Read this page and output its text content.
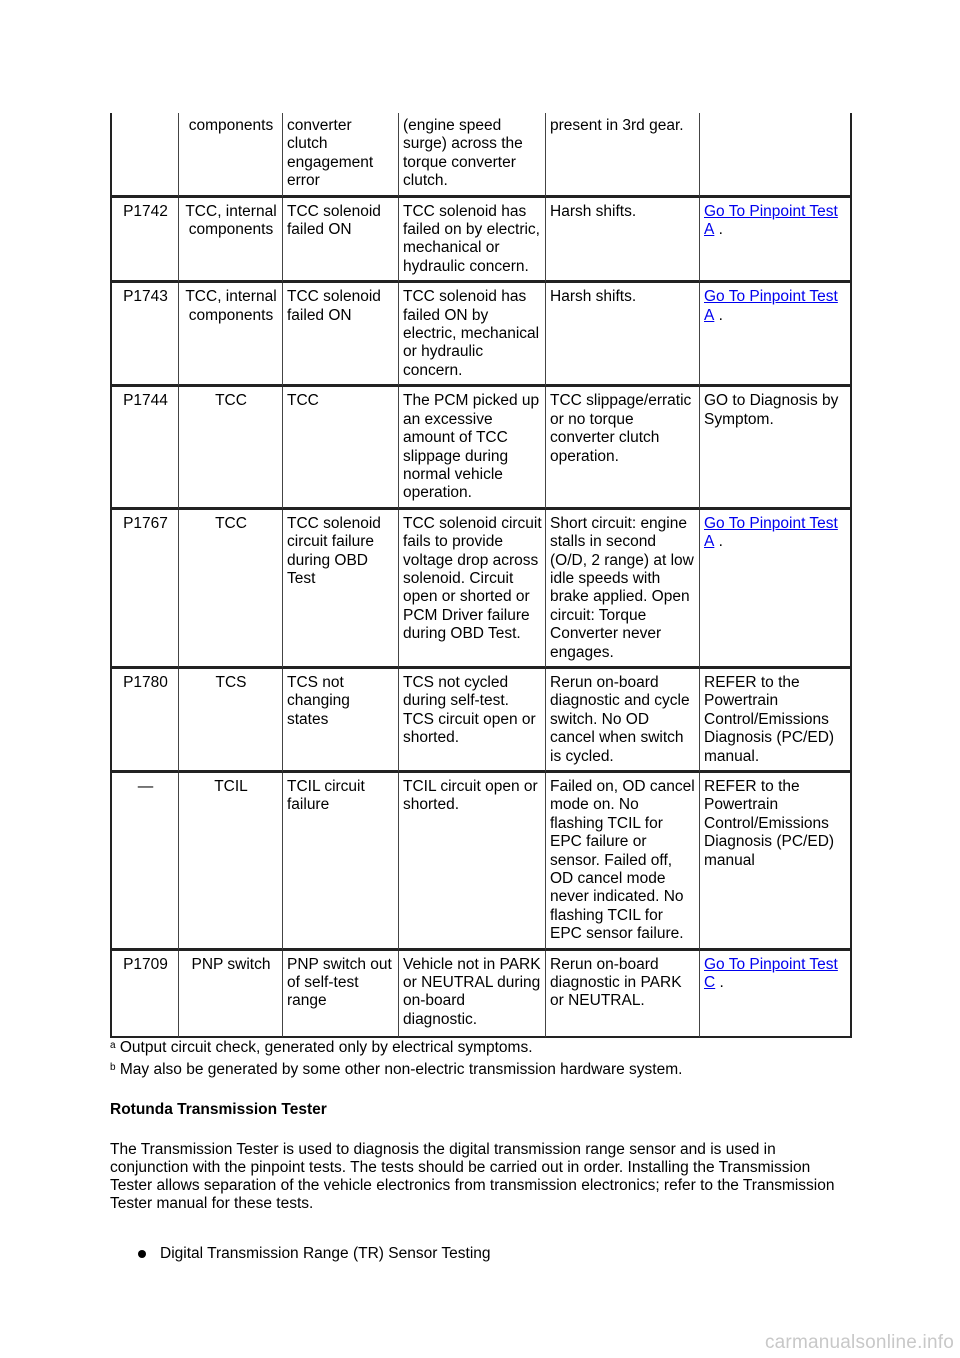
	components	converter clutch engagement error	(engine speed surge) across the torque converter clutch.	present in 3rd gear.	
P1742	TCC, internal components	TCC solenoid failed ON	TCC solenoid has failed on by electric, mechanical or hydraulic concern.	Harsh shifts.	Go To Pinpoint Test A .
P1743	TCC, internal components	TCC solenoid failed ON	TCC solenoid has failed ON by electric, mechanical or hydraulic concern.	Harsh shifts.	Go To Pinpoint Test A .
P1744	TCC	TCC	The PCM picked up an excessive amount of TCC slippage during normal vehicle operation.	TCC slippage/erratic or no torque converter clutch operation.	GO to Diagnosis by Symptom.
P1767	TCC	TCC solenoid circuit failure during OBD Test	TCC solenoid circuit fails to provide voltage drop across solenoid. Circuit open or shorted or PCM Driver failure during OBD Test.	Short circuit: engine stalls in second (O/D, 2 range) at low idle speeds with brake applied. Open circuit: Torque Converter never engages.	Go To Pinpoint Test A .
P1780	TCS	TCS not changing states	TCS not cycled during self-test. TCS circuit open or shorted.	Rerun on-board diagnostic and cycle switch. No OD cancel when switch is cycled.	REFER to the Powertrain Control/Emissions Diagnosis (PC/ED) manual.
—	TCIL	TCIL circuit failure	TCIL circuit open or shorted.	Failed on, OD cancel mode on. No flashing TCIL for EPC failure or sensor. Failed off, OD cancel mode never indicated. No flashing TCIL for EPC sensor failure.	REFER to the Powertrain Control/Emissions Diagnosis (PC/ED) manual
P1709	PNP switch	PNP switch out of self-test range	Vehicle not in PARK or NEUTRAL during on-board diagnostic.	Rerun on-board diagnostic in PARK or NEUTRAL.	Go To Pinpoint Test C .
$^a$ Output circuit check, generated only by electrical symptoms.
$^b$ May also be generated by some other non-electric transmission hardware system.
Rotunda Transmission Tester

The Transmission Tester is used to diagnosis the digital transmission range sensor and is used in conjunction with the pinpoint tests. The tests should be carried out in order. Installing the Transmission Tester allows separation of the vehicle electronics from transmission electronics; refer to the Transmission Tester manual for these tests.

Digital Transmission Range (TR) Sensor Testing
carmanualsonline.info
